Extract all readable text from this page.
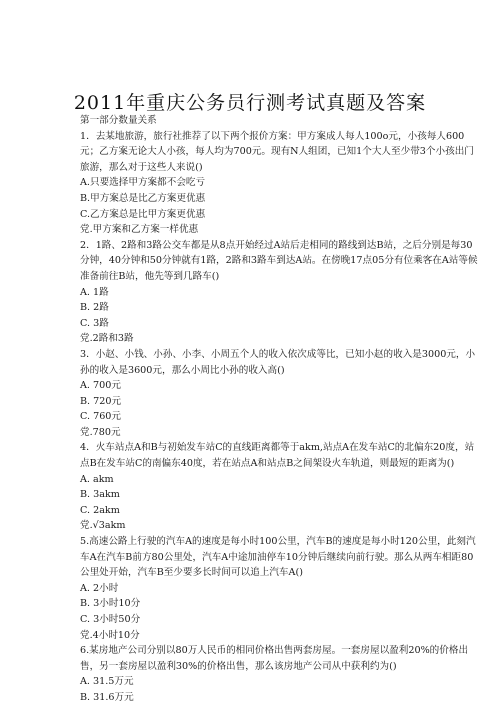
2011年重庆公务员行测考试真题及答案

第一部分数量关系

1．去某地旅游，旅行社推荐了以下两个报价方案：甲方案成人每人100o元，小孩每人600元；乙方案无论大人小孩，每人均为700元。现有N人组团，已知1个大人至少带3个小孩出门旅游，那么对于这些人来说()

A.只要选择甲方案都不会吃亏

B.甲方案总是比乙方案更优惠

C.乙方案总是比甲方案更优惠

党.甲方案和乙方案一样优惠

2．1路、2路和3路公交车都是从8点开始经过A站后走相同的路线到达B站，之后分别是每30分钟，40分钟和50分钟就有1路，2路和3路车到达A站。在傍晚17点05分有位乘客在A站等候准备前往B站，他先等到几路车()

A. 1路

B. 2路

C. 3路

党.2路和3路

3．小赵、小钱、小孙、小李、小周五个人的收入依次成等比，已知小赵的收入是3000元，小孙的收入是3600元，那么小周比小孙的收入高()

A. 700元

B. 720元

C. 760元

党.780元

4．火车站点A和B与初始发车站C的直线距离都等于akm,站点A在发车站C的北偏东20度，站点B在发车站C的南偏东40度，若在站点A和站点B之间架设火车轨道，则最短的距离为()

A. akm

B. 3akm

C. 2akm

党.√3akm

5.高速公路上行驶的汽车A的速度是每小时100公里，汽车B的速度是每小时120公里，此刻汽车A在汽车B前方80公里处，汽车A中途加油停车10分钟后继续向前行驶。那么从两车相距80公里处开始，汽车B至少要多长时间可以追上汽车A()

A. 2小时

B. 3小时10分

C. 3小时50分

党.4小时10分

6.某房地产公司分别以80万人民币的相同价格出售两套房屋。一套房屋以盈利20%的价格出售，另一套房屋以盈利30%的价格出售，那么该房地产公司从中获利约为()

A. 31.5万元

B. 31.6万元
